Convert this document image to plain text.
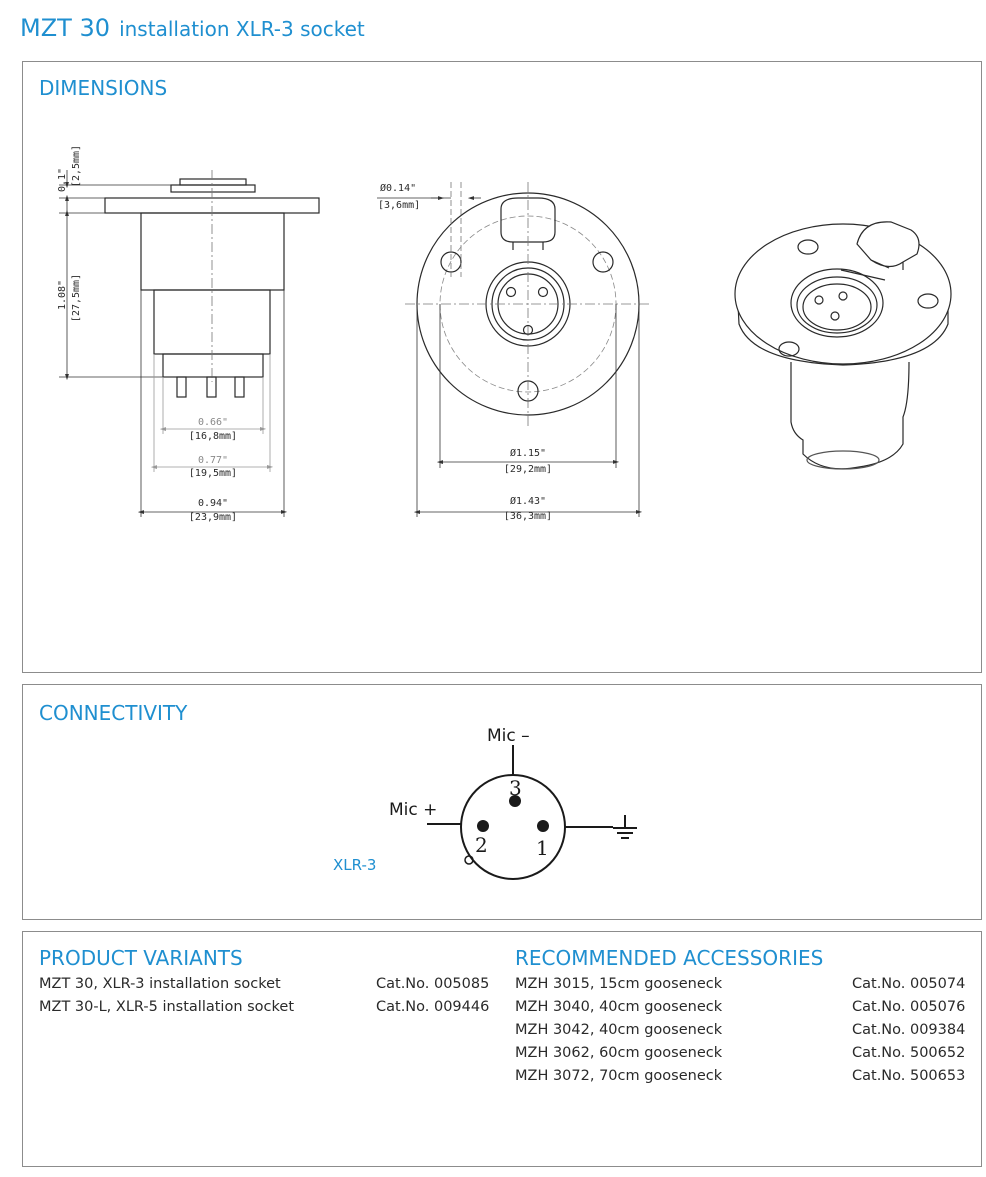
MZT 30 installation XLR-3 socket
DIMENSIONS
0.1" [2,5mm]
1.08" [27,5mm]
0.66"
[16,8mm]
0.77"
[19,5mm]
0.94"
[23,9mm]
Ø0.14"
[3,6mm]
Ø1.15"
[29,2mm]
Ø1.43"
[36,3mm]
CONNECTIVITY
Mic –
Mic +
3
2 1
XLR-3
PRODUCT VARIANTS	RECOMMENDED ACCESSORIES
MZT 30, XLR-3 installation socket	Cat.No. 005085
MZT 30-L, XLR-5 installation socket	Cat.No. 009446
MZH 3015, 15cm gooseneck	Cat.No. 005074
MZH 3040, 40cm gooseneck	Cat.No. 005076
MZH 3042, 40cm gooseneck	Cat.No. 009384
MZH 3062, 60cm gooseneck	Cat.No. 500652
MZH 3072, 70cm gooseneck	Cat.No. 500653
